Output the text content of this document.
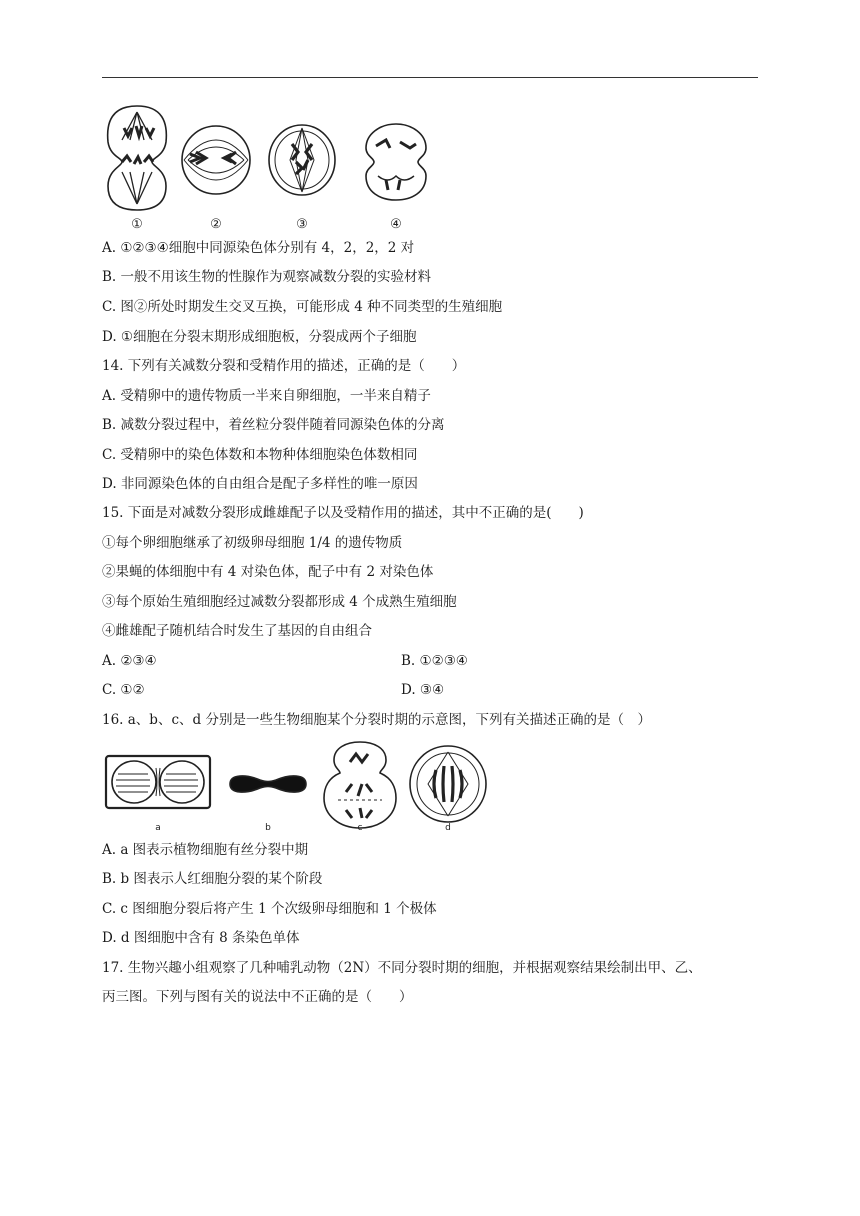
①	②	③	④
A. ①②③④细胞中同源染色体分别有 4，2，2，2 对
B. 一般不用该生物的性腺作为观察减数分裂的实验材料
C. 图②所处时期发生交叉互换，可能形成 4 种不同类型的生殖细胞
D. ①细胞在分裂末期形成细胞板，分裂成两个子细胞
14. 下列有关减数分裂和受精作用的描述，正确的是（　　）
A. 受精卵中的遗传物质一半来自卵细胞，一半来自精子
B. 减数分裂过程中，着丝粒分裂伴随着同源染色体的分离
C. 受精卵中的染色体数和本物种体细胞染色体数相同
D. 非同源染色体的自由组合是配子多样性的唯一原因
15. 下面是对减数分裂形成雌雄配子以及受精作用的描述，其中不正确的是(　　)
①每个卵细胞继承了初级卵母细胞 1/4 的遗传物质
②果蝇的体细胞中有 4 对染色体，配子中有 2 对染色体
③每个原始生殖细胞经过减数分裂都形成 4 个成熟生殖细胞
④雌雄配子随机结合时发生了基因的自由组合
A. ②③④	B. ①②③④
C. ①②	D. ③④
16. a、b、c、d 分别是一些生物细胞某个分裂时期的示意图，下列有关描述正确的是（　）
a	b	c	d
A. a 图表示植物细胞有丝分裂中期
B. b 图表示人红细胞分裂的某个阶段
C. c 图细胞分裂后将产生 1 个次级卵母细胞和 1 个极体
D. d 图细胞中含有 8 条染色单体
17. 生物兴趣小组观察了几种哺乳动物（2N）不同分裂时期的细胞，并根据观察结果绘制出甲、乙、
丙三图。下列与图有关的说法中不正确的是（　　）
